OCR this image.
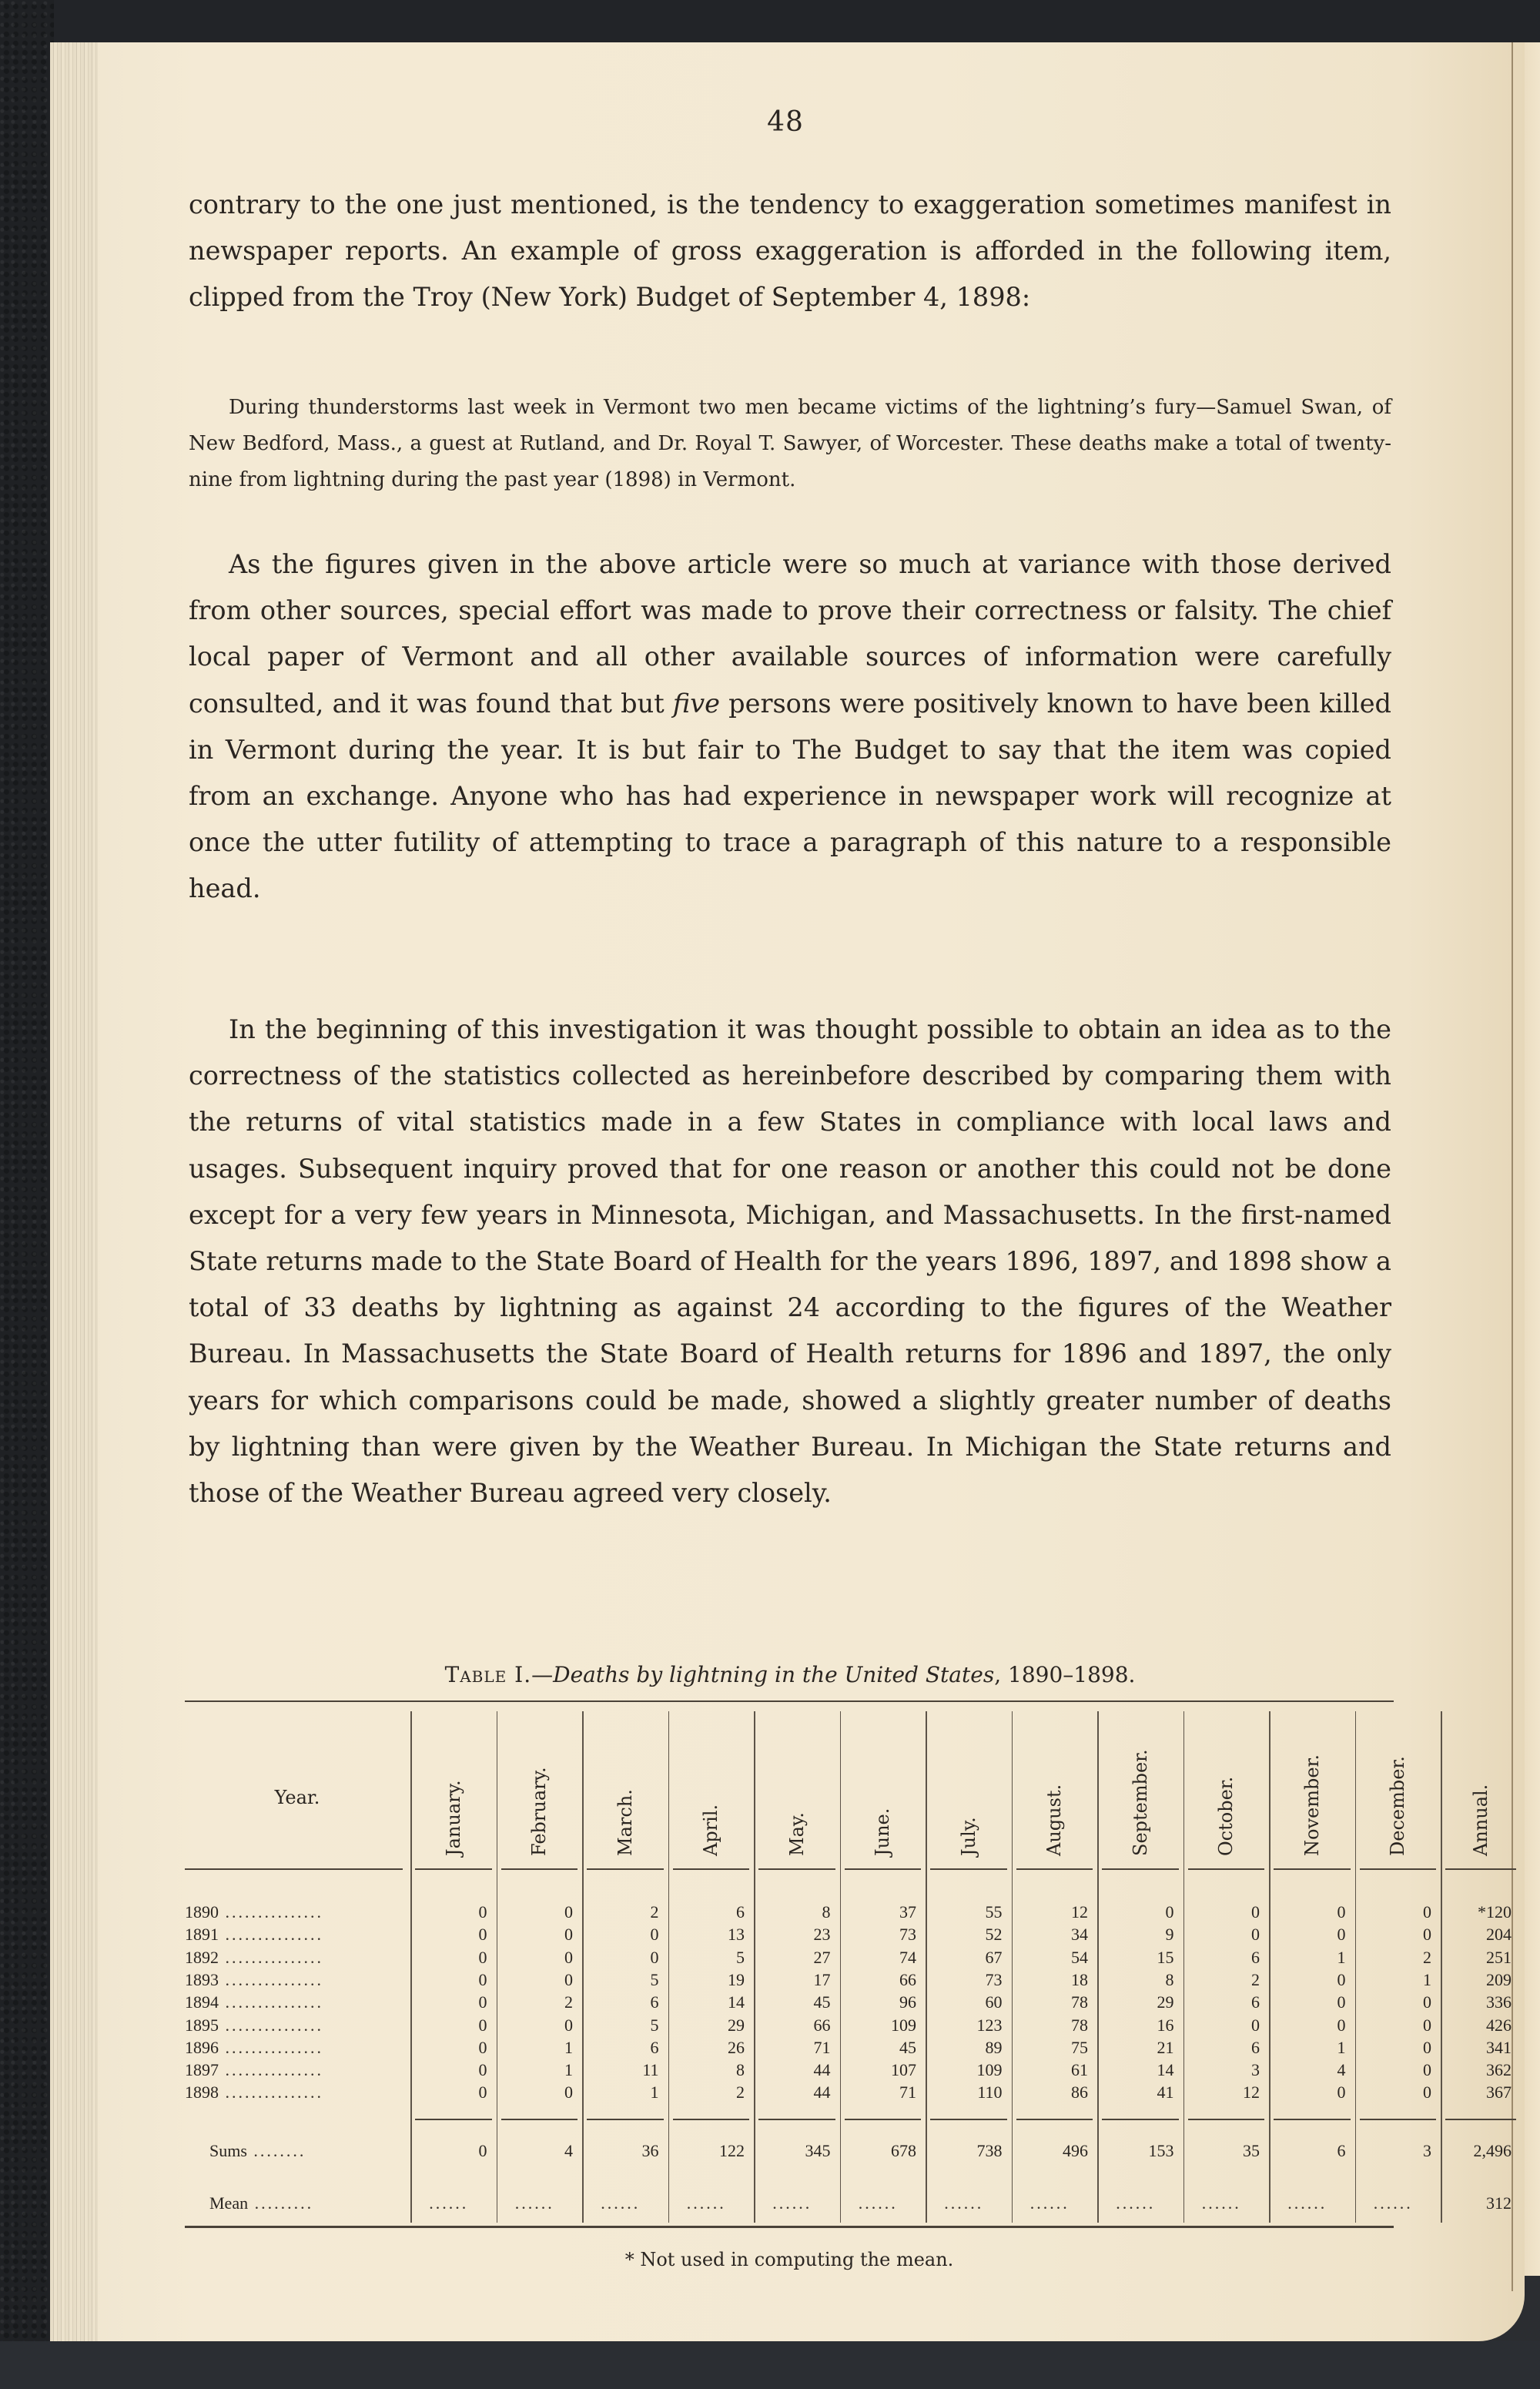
48

contrary to the one just mentioned, is the tendency to exaggeration sometimes manifest in newspaper reports. An example of gross exaggeration is afforded in the following item, clipped from the Troy (New York) Budget of September 4, 1898:

During thunderstorms last week in Vermont two men became victims of the lightning’s fury—Samuel Swan, of New Bedford, Mass., a guest at Rutland, and Dr. Royal T. Sawyer, of Worcester. These deaths make a total of twenty-nine from lightning during the past year (1898) in Vermont.

As the figures given in the above article were so much at variance with those derived from other sources, special effort was made to prove their correctness or falsity. The chief local paper of Vermont and all other available sources of information were carefully consulted, and it was found that but five persons were positively known to have been killed in Vermont during the year. It is but fair to The Budget to say that the item was copied from an exchange. Anyone who has had experience in newspaper work will recognize at once the utter futility of attempting to trace a paragraph of this nature to a responsible head.

In the beginning of this investigation it was thought possible to obtain an idea as to the correctness of the statistics collected as hereinbefore described by comparing them with the returns of vital statistics made in a few States in compliance with local laws and usages. Subsequent inquiry proved that for one reason or another this could not be done except for a very few years in Minnesota, Michigan, and Massachusetts. In the first-named State returns made to the State Board of Health for the years 1896, 1897, and 1898 show a total of 33 deaths by lightning as against 24 according to the figures of the Weather Bureau. In Massachusetts the State Board of Health returns for 1896 and 1897, the only years for which comparisons could be made, showed a slightly greater number of deaths by lightning than were given by the Weather Bureau. In Michigan the State returns and those of the Weather Bureau agreed very closely.

Table I.—Deaths by lightning in the United States, 1890–1898.
Year.	January.	February.	March.	April.	May.	June.	July.	August.	September.	October.	November.	December.	Annual.
1890 ...............	0	0	2	6	8	37	55	12	0	0	0	0	*120
1891 ...............	0	0	0	13	23	73	52	34	9	0	0	0	204
1892 ...............	0	0	0	5	27	74	67	54	15	6	1	2	251
1893 ...............	0	0	5	19	17	66	73	18	8	2	0	1	209
1894 ...............	0	2	6	14	45	96	60	78	29	6	0	0	336
1895 ...............	0	0	5	29	66	109	123	78	16	0	0	0	426
1896 ...............	0	1	6	26	71	45	89	75	21	6	1	0	341
1897 ...............	0	1	11	8	44	107	109	61	14	3	4	0	362
1898 ...............	0	0	1	2	44	71	110	86	41	12	0	0	367
Sums ........	0	4	36	122	345	678	738	496	153	35	6	3	2,496
Mean .........	......	......	......	......	......	......	......	......	......	......	......	......	312
* Not used in computing the mean.
